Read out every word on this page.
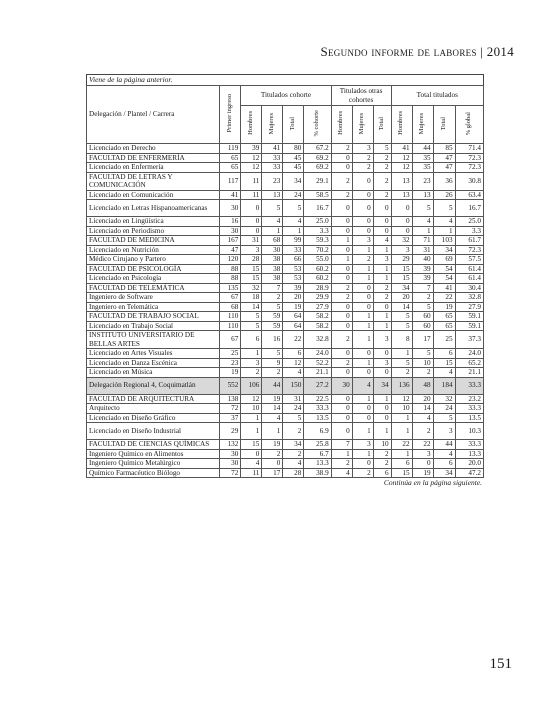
Segundo informe de labores | 2014
Viene de la página anterior.
Delegación / Plantel / Carrera	Primer ingreso	Titulados cohorte				Titulados otras cohortes			Total titulados			
		Hombres	Mujeres	Total	% cohorte	Hombres	Mujeres	Total	Hombres	Mujeres	Total	% global
Licenciado en Derecho	119	39	41	80	67.2	2	3	5	41	44	85	71.4
FACULTAD DE ENFERMERÍA	65	12	33	45	69.2	0	2	2	12	35	47	72.3
Licenciado en Enfermería	65	12	33	45	69.2	0	2	2	12	35	47	72.3
FACULTAD DE LETRAS Y COMUNICACIÓN	117	11	23	34	29.1	2	0	2	13	23	36	30.8
Licenciado en Comunicación	41	11	13	24	58.5	2	0	2	13	13	26	63.4
Licenciado en Letras Hispanoamericanas	30	0	5	5	16.7	0	0	0	0	5	5	16.7
Licenciado en Lingüística	16	0	4	4	25.0	0	0	0	0	4	4	25.0
Licenciado en Periodismo	30	0	1	1	3.3	0	0	0	0	1	1	3.3
FACULTAD DE MEDICINA	167	31	68	99	59.3	1	3	4	32	71	103	61.7
Licenciado en Nutrición	47	3	30	33	70.2	0	1	1	3	31	34	72.3
Médico Cirujano y Partero	120	28	38	66	55.0	1	2	3	29	40	69	57.5
FACULTAD DE PSICOLOGÍA	88	15	38	53	60.2	0	1	1	15	39	54	61.4
Licenciado en Psicología	88	15	38	53	60.2	0	1	1	15	39	54	61.4
FACULTAD DE TELEMÁTICA	135	32	7	39	28.9	2	0	2	34	7	41	30.4
Ingeniero de Software	67	18	2	20	29.9	2	0	2	20	2	22	32.8
Ingeniero en Telemática	68	14	5	19	27.9	0	0	0	14	5	19	27.9
FACULTAD DE TRABAJO SOCIAL	110	5	59	64	58.2	0	1	1	5	60	65	59.1
Licenciado en Trabajo Social	110	5	59	64	58.2	0	1	1	5	60	65	59.1
INSTITUTO UNIVERSITARIO DE BELLAS ARTES	67	6	16	22	32.8	2	1	3	8	17	25	37.3
Licenciado en Artes Visuales	25	1	5	6	24.0	0	0	0	1	5	6	24.0
Licenciado en Danza Escénica	23	3	9	12	52.2	2	1	3	5	10	15	65.2
Licenciado en Música	19	2	2	4	21.1	0	0	0	2	2	4	21.1
Delegación Regional 4, Coquimatlán	552	106	44	150	27.2	30	4	34	136	48	184	33.3
FACULTAD DE ARQUITECTURA	138	12	19	31	22.5	0	1	1	12	20	32	23.2
Arquitecto	72	10	14	24	33.3	0	0	0	10	14	24	33.3
Licenciado en Diseño Gráfico	37	1	4	5	13.5	0	0	0	1	4	5	13.5
Licenciado en Diseño Industrial	29	1	1	2	6.9	0	1	1	1	2	3	10.3
FACULTAD DE CIENCIAS QUÍMICAS	132	15	19	34	25.8	7	3	10	22	22	44	33.3
Ingeniero Químico en Alimentos	30	0	2	2	6.7	1	1	2	1	3	4	13.3
Ingeniero Químico Metalúrgico	30	4	0	4	13.3	2	0	2	6	0	6	20.0
Químico Farmacéutico Biólogo	72	11	17	28	38.9	4	2	6	15	19	34	47.2
Continúa en la página siguiente.
151
